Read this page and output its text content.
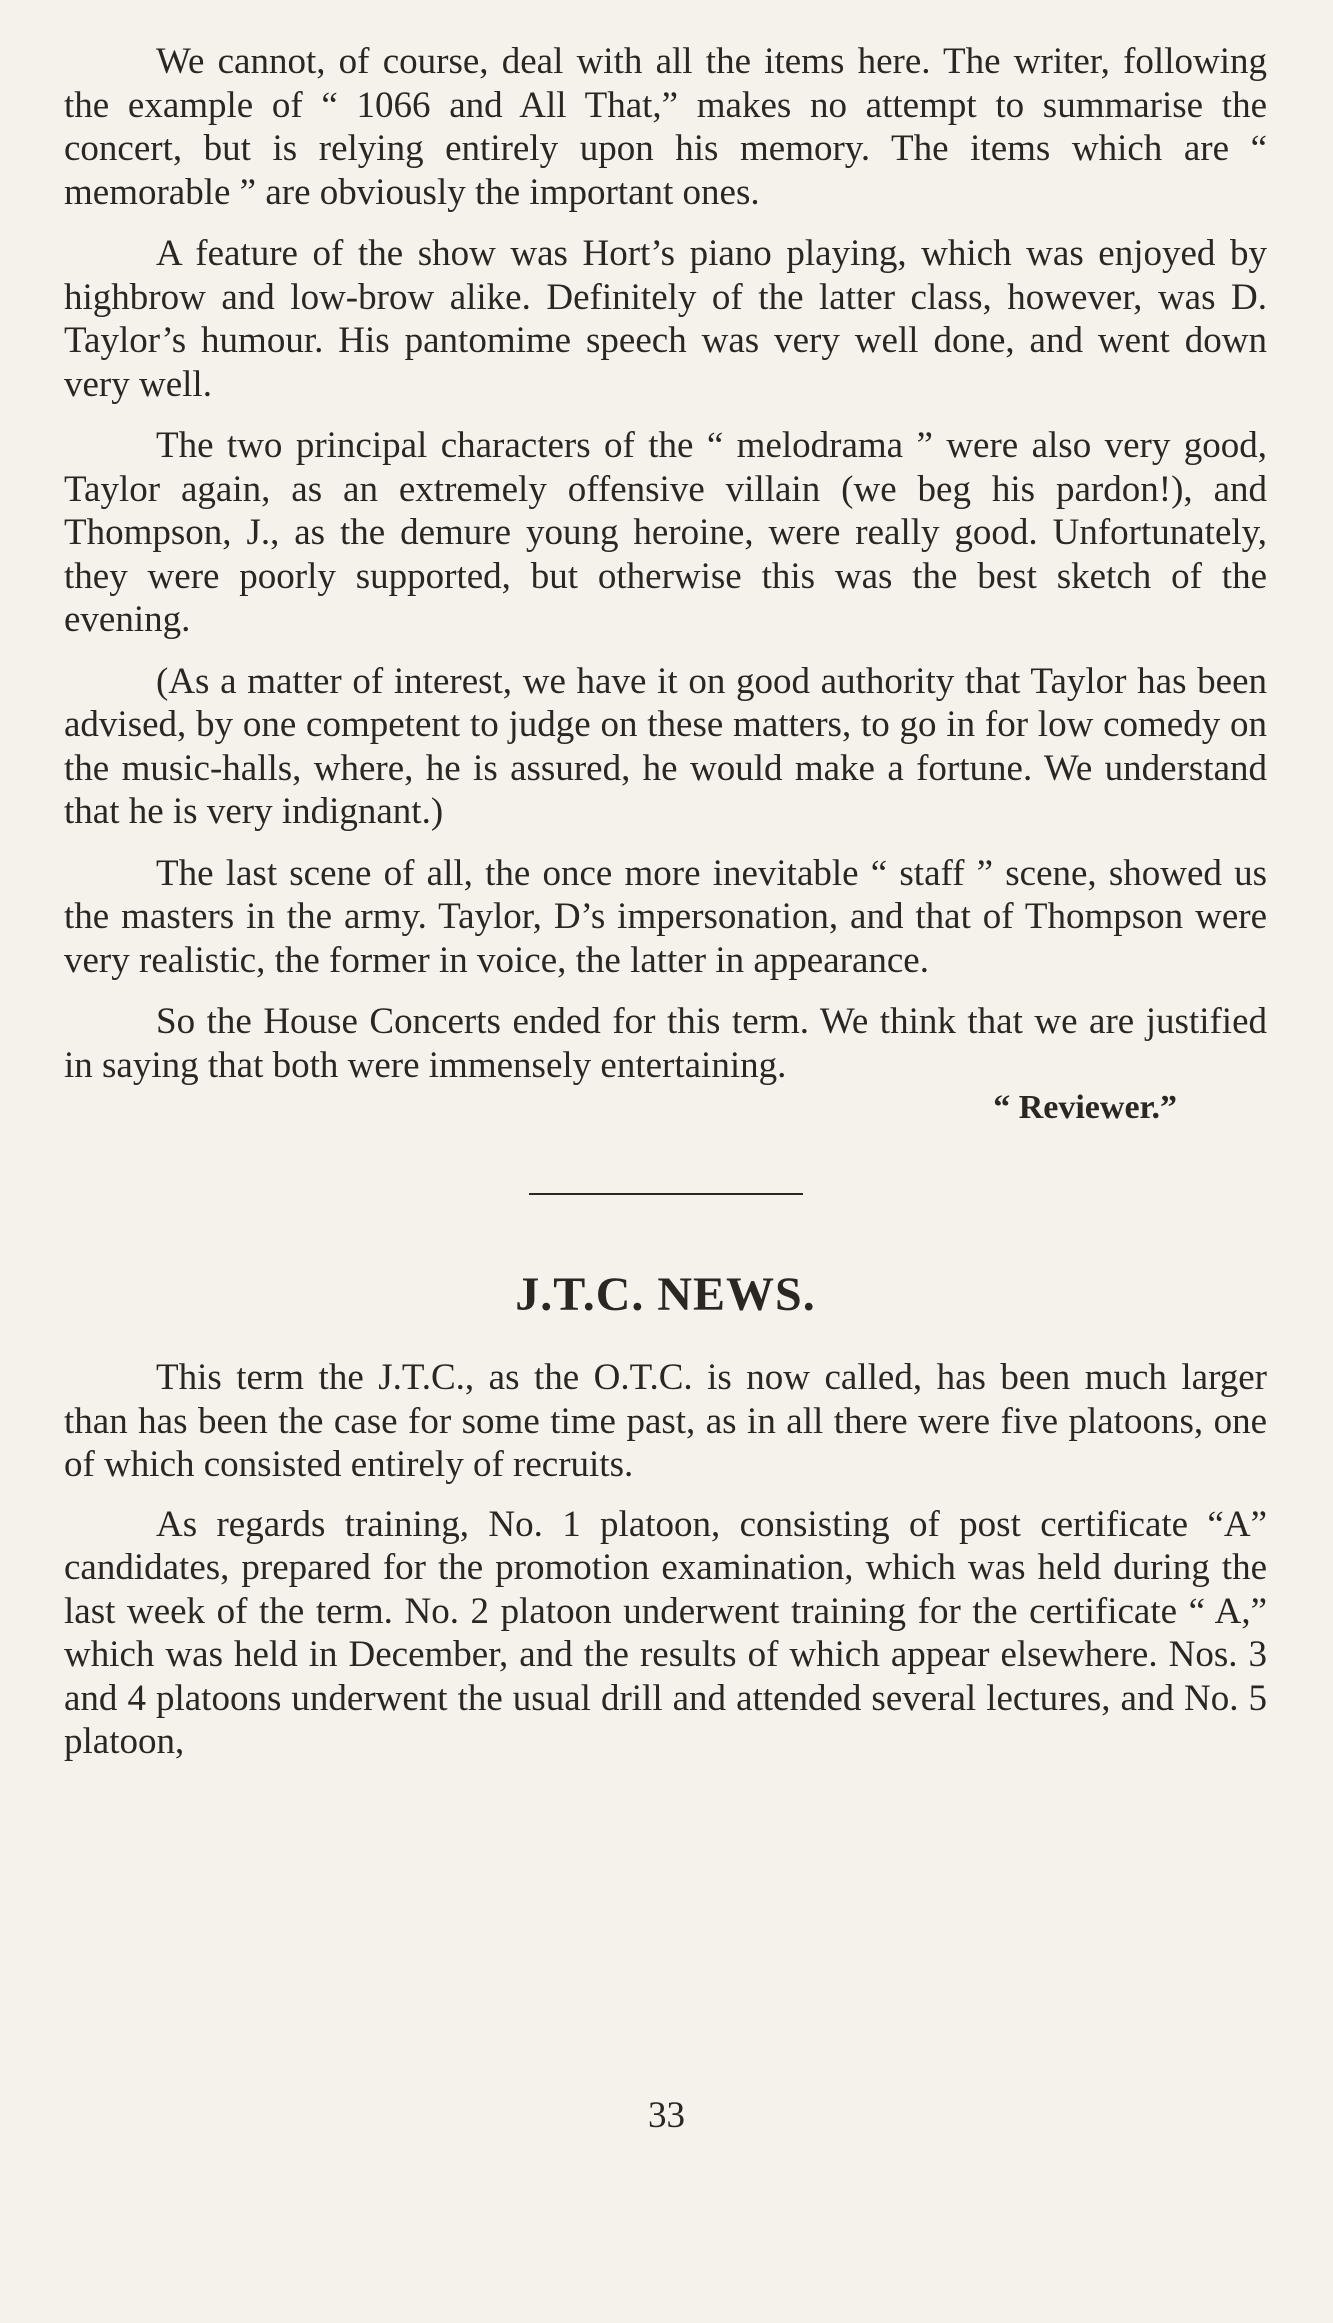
We cannot, of course, deal with all the items here. The writer, following the example of “ 1066 and All That,” makes no attempt to summarise the concert, but is relying entirely upon his memory. The items which are “ memorable ” are obviously the important ones.

A feature of the show was Hort’s piano playing, which was enjoyed by highbrow and low-brow alike. Definitely of the latter class, however, was D. Taylor’s humour. His pantomime speech was very well done, and went down very well.

The two principal characters of the “ melodrama ” were also very good, Taylor again, as an extremely offensive villain (we beg his pardon!), and Thompson, J., as the demure young heroine, were really good. Unfortunately, they were poorly supported, but otherwise this was the best sketch of the evening.

(As a matter of interest, we have it on good authority that Taylor has been advised, by one competent to judge on these matters, to go in for low comedy on the music-halls, where, he is assured, he would make a fortune. We understand that he is very indignant.)

The last scene of all, the once more inevitable “ staff ” scene, showed us the masters in the army. Taylor, D’s impersonation, and that of Thompson were very realistic, the former in voice, the latter in appearance.

So the House Concerts ended for this term. We think that we are justified in saying that both were immensely entertaining.

“ Reviewer.”
J.T.C. NEWS.

This term the J.T.C., as the O.T.C. is now called, has been much larger than has been the case for some time past, as in all there were five platoons, one of which consisted entirely of recruits.

As regards training, No. 1 platoon, consisting of post certificate “A” candidates, prepared for the promotion examination, which was held during the last week of the term. No. 2 platoon underwent training for the certificate “ A,” which was held in December, and the results of which appear elsewhere. Nos. 3 and 4 platoons underwent the usual drill and attended several lectures, and No. 5 platoon,

33
